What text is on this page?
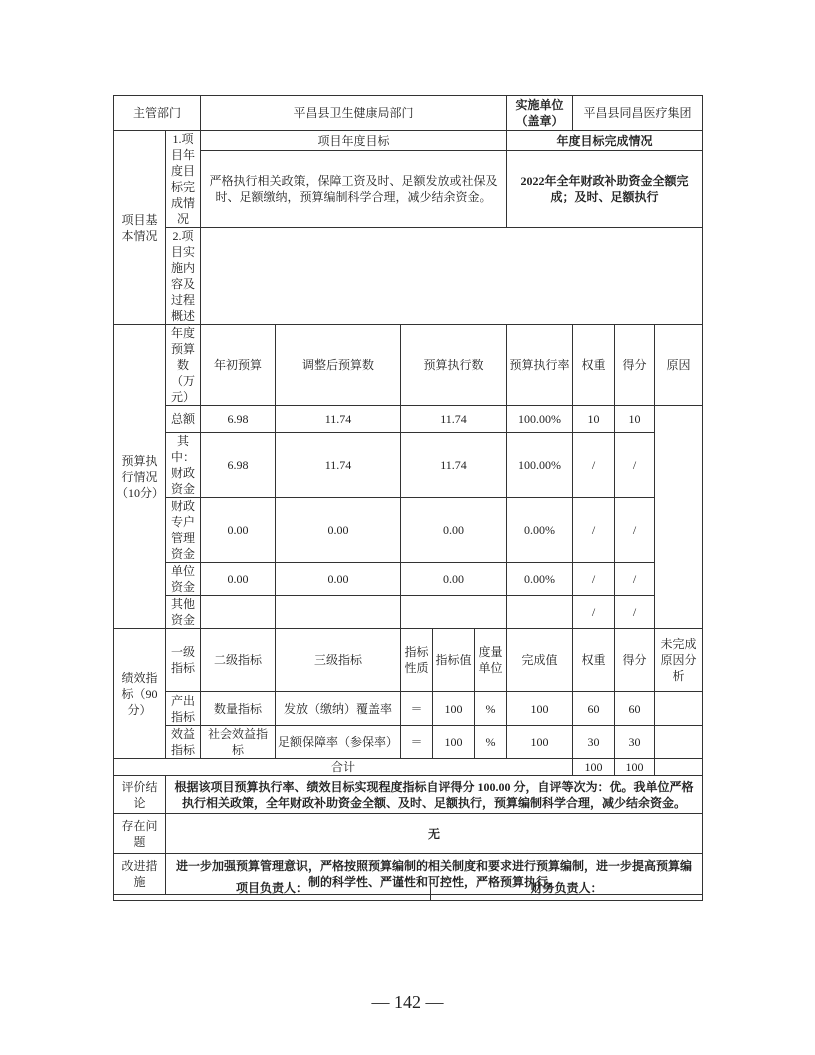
主管部门		平昌县卫生健康局部门					实施单位（盖章）	平昌县同昌医疗集团		
项目基本情况	1.项目年度目标完成情况	项目年度目标					年度目标完成情况			
		严格执行相关政策，保障工资及时、足额发放或社保及时、足额缴纳，预算编制科学合理，减少结余资金。					2022年全年财政补助资金全额完成；及时、足额执行			
	2.项目实施内容及过程概述									
预算执行情况（10分）	年度预算数（万元）	年初预算	调整后预算数	预算执行数			预算执行率	权重	得分	原因
	总额	6.98	11.74	11.74			100.00%	10	10	
	其中：财政资金	6.98	11.74	11.74			100.00%	/	/	
	财政专户管理资金	0.00	0.00	0.00			0.00%	/	/	
	单位资金	0.00	0.00	0.00			0.00%	/	/	
	其他资金							/	/	
绩效指标（90分）	一级指标	二级指标	三级指标	指标性质	指标值	度量单位	完成值	权重	得分	未完成原因分析
	产出指标	数量指标	发放（缴纳）覆盖率	＝	100	%	100	60	60	
	效益指标	社会效益指标	足额保障率（参保率）	＝	100	%	100	30	30	
合计								100	100	
评价结论	根据该项目预算执行率、绩效目标实现程度指标自评得分 100.00 分，自评等次为：优。我单位严格执行相关政策，全年财政补助资金全额、及时、足额执行，预算编制科学合理，减少结余资金。									
存在问题	无									
改进措施	进一步加强预算管理意识，严格按照预算编制的相关制度和要求进行预算编制，进一步提高预算编制的科学性、严谨性和可控性，严格预算执行。									
项目负责人：	财务负责人：
— 142 —
